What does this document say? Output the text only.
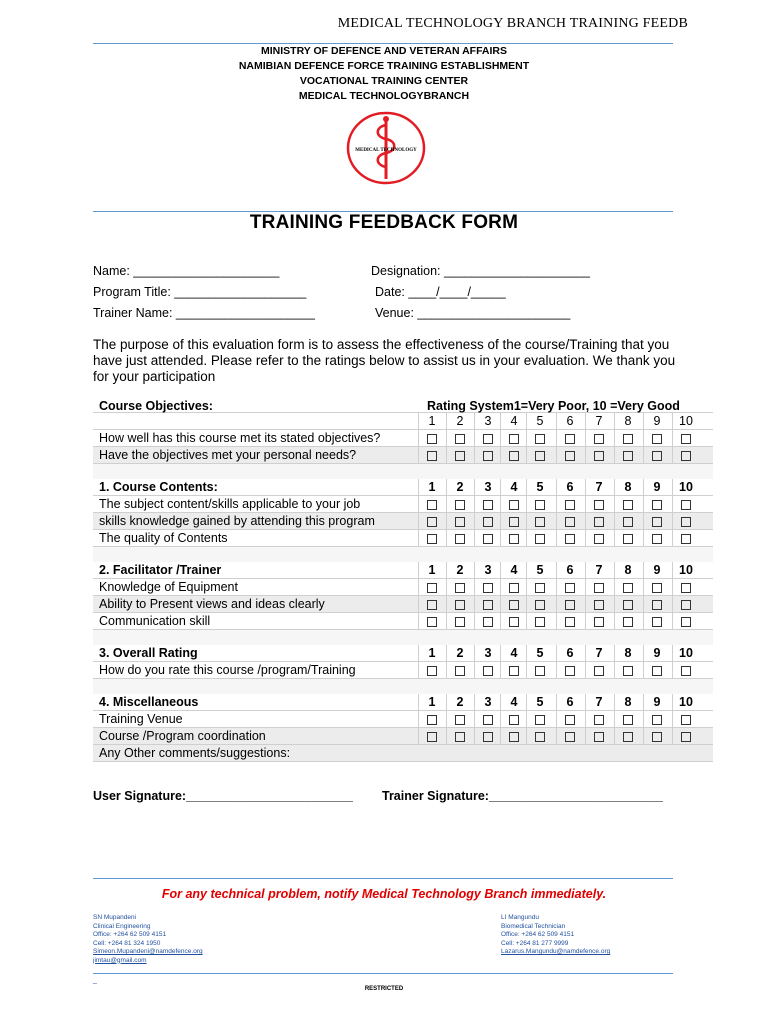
MEDICAL TECHNOLOGY BRANCH TRAINING FEEDB
MINISTRY OF DEFENCE AND VETERAN AFFAIRS
NAMIBIAN DEFENCE FORCE TRAINING ESTABLISHMENT
VOCATIONAL TRAINING CENTER
MEDICAL TECHNOLOGYBRANCH
MEDICAL TECHNOLOGY
TRAINING FEEDBACK FORM
Name: _____________________	Designation: _____________________
Program Title: ___________________	Date: ____/____/_____
Trainer Name: ____________________	Venue: ______________________
The purpose of this evaluation form is to assess the effectiveness of the course/Training that you have just attended. Please refer to the ratings below to assist us in your evaluation. We thank you for your participation
Course Objectives:	Rating System1=Very Poor, 10 =Very Good
1	2	3	4	5	6	7	8	9	10
How well has this course met its stated objectives?
Have the objectives met your personal needs?
1. Course Contents:	1	2	3	4	5	6	7	8	9	10
The subject content/skills applicable to your job
skills knowledge gained by attending this program
The quality of Contents
2. Facilitator /Trainer	1	2	3	4	5	6	7	8	9	10
Knowledge of Equipment
Ability to Present views and ideas clearly
Communication skill
3. Overall Rating	1	2	3	4	5	6	7	8	9	10
How do you rate this course /program/Training
4. Miscellaneous	1	2	3	4	5	6	7	8	9	10
Training Venue
Course /Program coordination
Any Other comments/suggestions:
User Signature:________________________ Trainer Signature:_________________________
For any technical problem, notify Medical Technology Branch immediately.
SN Mupandeni
Clinical Engineering
Office: +264 62 509 4151
Cell: +264 81 324 1950
Simeon.Mupandeni@namdefence.org
jimtau@gmail.com
LI Mangundu
Biomedical Technician
Office: +264 62 509 4151
Cell: +264 81 277 9999
Lazarus.Mangundu@namdefence.org
_
RESTRICTED
